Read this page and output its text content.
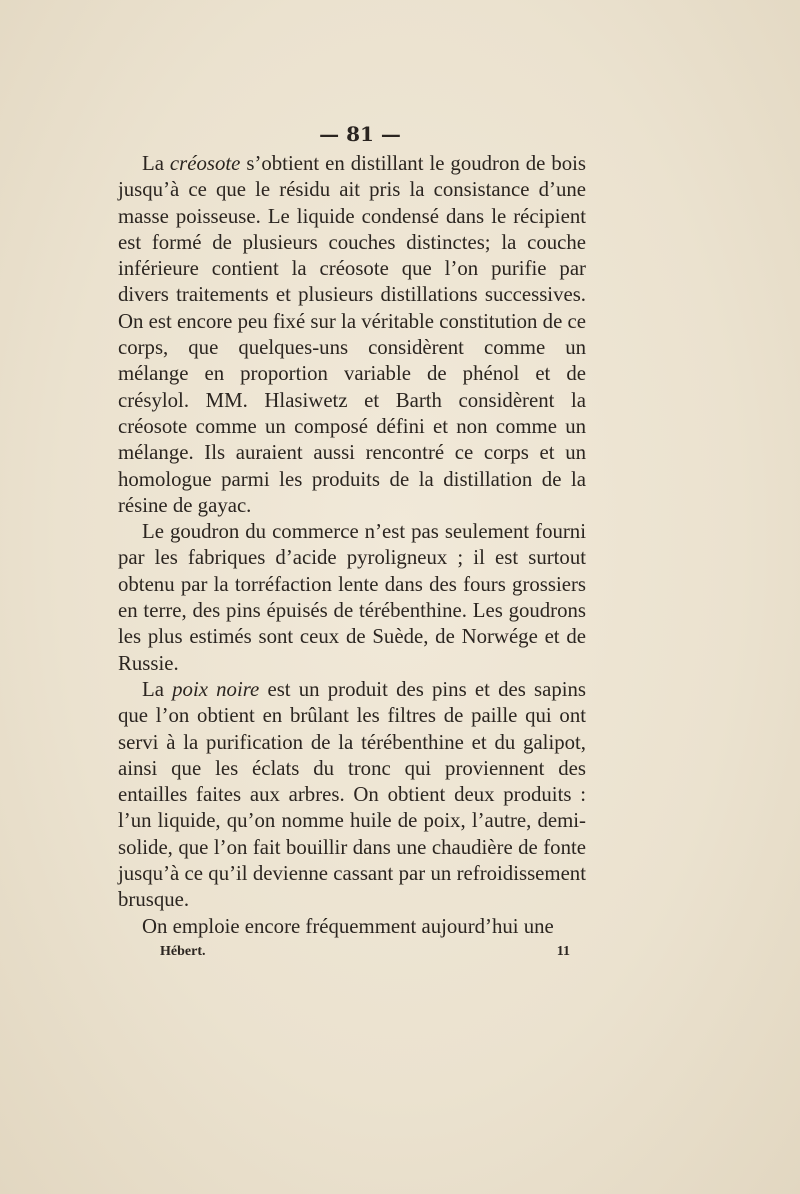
— 81 —

La créosote s’obtient en distillant le goudron de bois jusqu’à ce que le résidu ait pris la consistance d’une masse poisseuse. Le liquide condensé dans le récipient est formé de plusieurs couches distinctes; la couche inférieure contient la créosote que l’on purifie par divers traitements et plusieurs distillations successives. On est encore peu fixé sur la véritable constitution de ce corps, que quelques-uns considèrent comme un mélange en proportion variable de phénol et de crésylol. MM. Hlasiwetz et Barth considèrent la créosote comme un composé défini et non comme un mélange. Ils auraient aussi rencontré ce corps et un homologue parmi les produits de la distillation de la résine de gayac.

Le goudron du commerce n’est pas seulement fourni par les fabriques d’acide pyroligneux ; il est surtout obtenu par la torréfaction lente dans des fours grossiers en terre, des pins épuisés de térébenthine. Les goudrons les plus estimés sont ceux de Suède, de Norwége et de Russie.

La poix noire est un produit des pins et des sapins que l’on obtient en brûlant les filtres de paille qui ont servi à la purification de la térébenthine et du galipot, ainsi que les éclats du tronc qui proviennent des entailles faites aux arbres. On obtient deux produits : l’un liquide, qu’on nomme huile de poix, l’autre, demi-solide, que l’on fait bouillir dans une chaudière de fonte jusqu’à ce qu’il devienne cassant par un refroidissement brusque.

On emploie encore fréquemment aujourd’hui une

Hébert.	11
